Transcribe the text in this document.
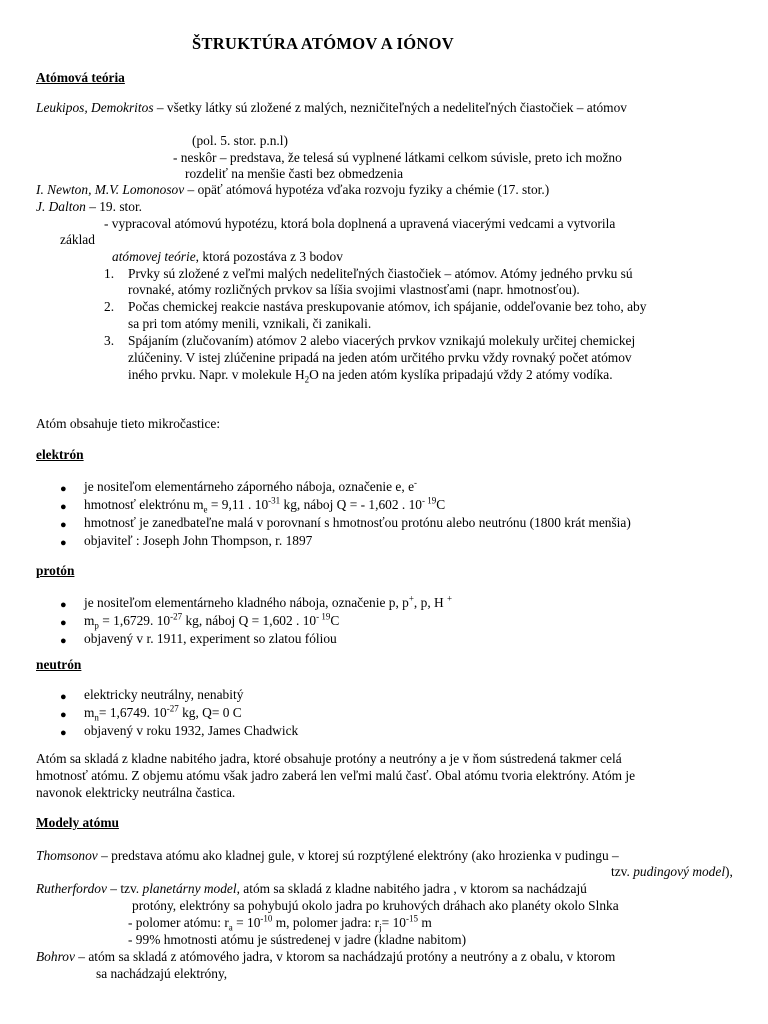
ŠTRUKTÚRA ATÓMOV A IÓNOV
Atómová teória
Leukipos, Demokritos – všetky látky sú zložené z malých, nezničiteľných a nedeliteľných čiastočiek – atómov
(pol. 5. stor. p.n.l)
- neskôr – predstava, že telesá sú vyplnené látkami celkom súvisle, preto ich možno
rozdeliť na menšie časti bez obmedzenia
I. Newton, M.V. Lomonosov – opäť atómová hypotéza vďaka rozvoju fyziky a chémie (17. stor.)
J. Dalton – 19. stor.
- vypracoval atómovú hypotézu, ktorá bola doplnená a upravená viacerými vedcami a vytvorila
základ
atómovej teórie, ktorá pozostáva z 3 bodov
1. Prvky sú zložené z veľmi malých nedeliteľných čiastočiek – atómov. Atómy jedného prvku sú
rovnaké, atómy rozličných prvkov sa líšia svojimi vlastnosťami (napr. hmotnosťou).
2. Počas chemickej reakcie nastáva preskupovanie atómov, ich spájanie, oddeľovanie bez toho, aby
sa pri tom atómy menili, vznikali, či zanikali.
3. Spájaním (zlučovaním) atómov 2 alebo viacerých prvkov vznikajú molekuly určitej chemickej
zlúčeniny. V istej zlúčenine pripadá na jeden atóm určitého prvku vždy rovnaký počet atómov
iného prvku. Napr. v molekule $H_2O$ na jeden atóm kyslíka pripadajú vždy 2 atómy vodíka.
Atóm obsahuje tieto mikročastice:
elektrón
● je nositeľom elementárneho záporného náboja, označenie e, e-
● hmotnosť elektrónu $m_e = 9,11$ . $10^{-31}$ kg, náboj Q = - 1,602 . $10^{- 19}C$
● hmotnosť je zanedbateľne malá v porovnaní s hmotnosťou protónu alebo neutrónu (1800 krát menšia)
● objaviteľ : Joseph John Thompson, r. 1897
protón
● je nositeľom elementárneho kladného náboja, označenie p, p+, p, H +
● $m_p = 1,6729$. $10^{-27}$ kg, náboj Q = 1,602 . $10^{- 19}C$
● objavený v r. 1911, experiment so zlatou fóliou
neutrón
● elektricky neutrálny, nenabitý
● $m_n= 1,6749$. $10^{-27}$ kg, Q= 0 C
● objavený v roku 1932, James Chadwick
Atóm sa skladá z kladne nabitého jadra, ktoré obsahuje protóny a neutróny a je v ňom sústredená takmer celá
hmotnosť atómu. Z objemu atómu však jadro zaberá len veľmi malú časť. Obal atómu tvoria elektróny. Atóm je
navonok elektricky neutrálna častica.
Modely atómu
Thomsonov – predstava atómu ako kladnej gule, v ktorej sú rozptýlené elektróny (ako hrozienka v pudingu –
tzv. pudingový model),
Rutherfordov – tzv. planetárny model, atóm sa skladá z kladne nabitého jadra , v ktorom sa nachádzajú
protóny, elektróny sa pohybujú okolo jadra po kruhových dráhach ako planéty okolo Slnka
- polomer atómu: $r_a = 10^{-10}$ m, polomer jadra: $r_j= 10^{-15}$ m
- 99% hmotnosti atómu je sústredenej v jadre (kladne nabitom)
Bohrov – atóm sa skladá z atómového jadra, v ktorom sa nachádzajú protóny a neutróny a z obalu, v ktorom
sa nachádzajú elektróny,
